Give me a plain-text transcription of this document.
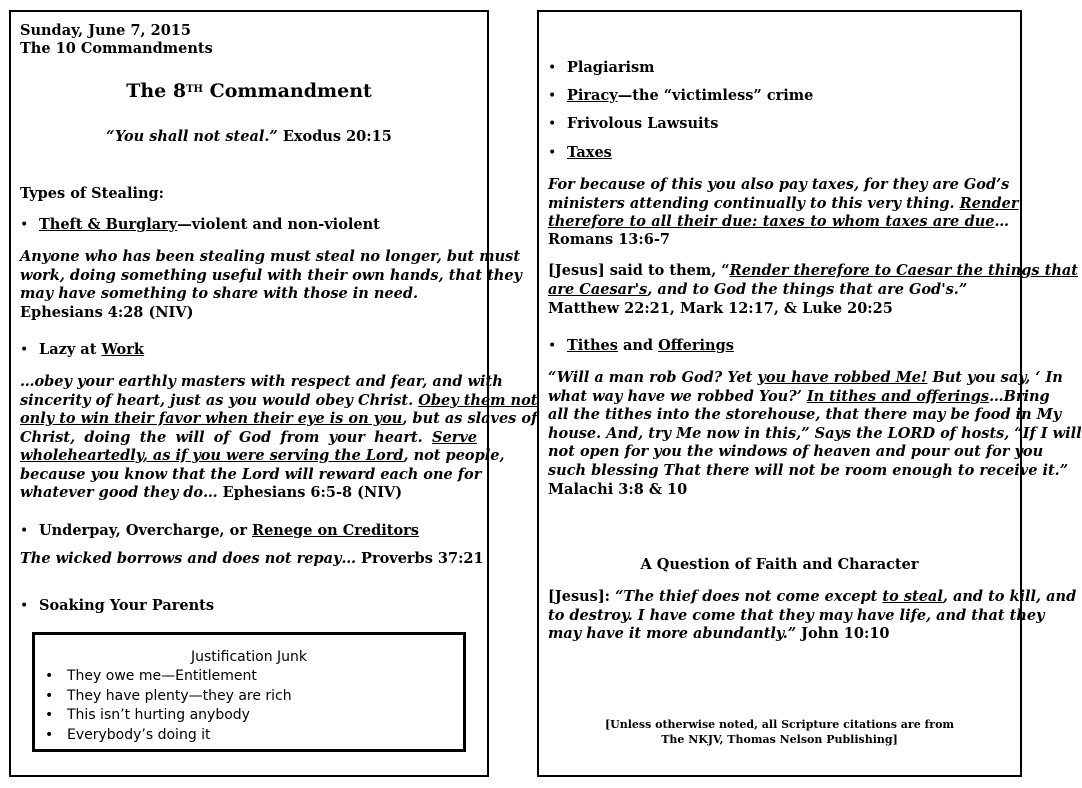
Sunday, June 7, 2015
The 10 Commandments
The 8TH Commandment
“You shall not steal.” Exodus 20:15
Types of Stealing:
• Theft & Burglary—violent and non-violent
Anyone who has been stealing must steal no longer, but must
work, doing something useful with their own hands, that they
may have something to share with those in need.
Ephesians 4:28 (NIV)
• Lazy at Work
…obey your earthly masters with respect and fear, and with
sincerity of heart, just as you would obey Christ. Obey them not
only to win their favor when their eye is on you, but as slaves of
Christ, doing the will of God from your heart. Serve
wholeheartedly, as if you were serving the Lord, not people,
because you know that the Lord will reward each one for
whatever good they do… Ephesians 6:5-8 (NIV)
• Underpay, Overcharge, or Renege on Creditors
The wicked borrows and does not repay… Proverbs 37:21
• Soaking Your Parents
Justification Junk
• They owe me—Entitlement
• They have plenty—they are rich
• This isn’t hurting anybody
• Everybody’s doing it
• Plagiarism
• Piracy—the “victimless” crime
• Frivolous Lawsuits
• Taxes
For because of this you also pay taxes, for they are God’s
ministers attending continually to this very thing. Render
therefore to all their due: taxes to whom taxes are due…
Romans 13:6-7
[Jesus] said to them, “Render therefore to Caesar the things that
are Caesar's, and to God the things that are God's.”
Matthew 22:21, Mark 12:17, & Luke 20:25
• Tithes and Offerings
“Will a man rob God? Yet you have robbed Me! But you say, ‘ In
what way have we robbed You?’ In tithes and offerings…Bring
all the tithes into the storehouse, that there may be food in My
house. And, try Me now in this,” Says the LORD of hosts, “If I will
not open for you the windows of heaven and pour out for you
such blessing That there will not be room enough to receive it.”
Malachi 3:8 & 10
A Question of Faith and Character
[Jesus]: “The thief does not come except to steal, and to kill, and
to destroy. I have come that they may have life, and that they
may have it more abundantly.” John 10:10
[Unless otherwise noted, all Scripture citations are from
The NKJV, Thomas Nelson Publishing]
